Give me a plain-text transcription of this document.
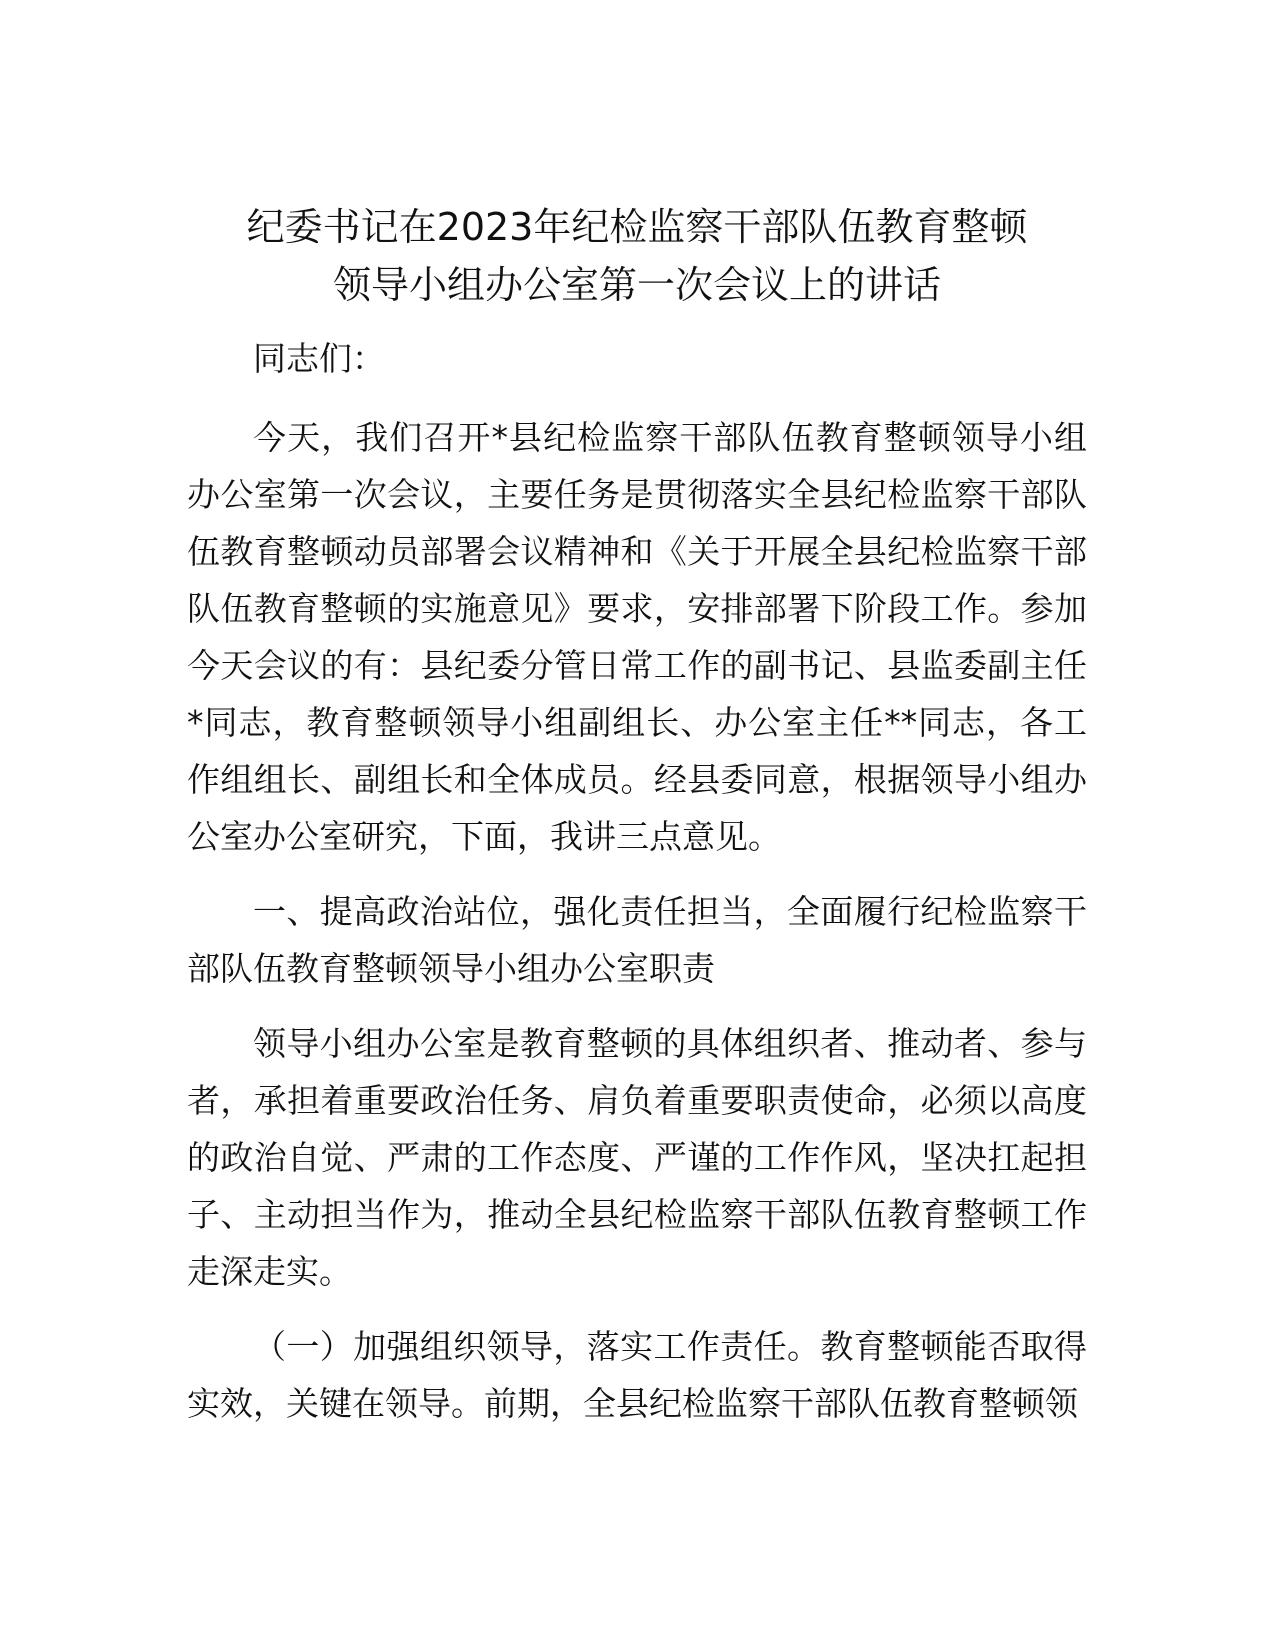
纪委书记在2023年纪检监察干部队伍教育整顿
领导小组办公室第一次会议上的讲话

同志们：

今天，我们召开*县纪检监察干部队伍教育整顿领导小组办公室第一次会议，主要任务是贯彻落实全县纪检监察干部队伍教育整顿动员部署会议精神和《关于开展全县纪检监察干部队伍教育整顿的实施意见》要求，安排部署下阶段工作。参加今天会议的有：县纪委分管日常工作的副书记、县监委副主任*同志，教育整顿领导小组副组长、办公室主任**同志，各工作组组长、副组长和全体成员。经县委同意，根据领导小组办公室办公室研究，下面，我讲三点意见。

一、提高政治站位，强化责任担当，全面履行纪检监察干部队伍教育整顿领导小组办公室职责

领导小组办公室是教育整顿的具体组织者、推动者、参与者，承担着重要政治任务、肩负着重要职责使命，必须以高度的政治自觉、严肃的工作态度、严谨的工作作风，坚决扛起担子、主动担当作为，推动全县纪检监察干部队伍教育整顿工作走深走实。

（一）加强组织领导，落实工作责任。教育整顿能否取得实效，关键在领导。前期，全县纪检监察干部队伍教育整顿领
